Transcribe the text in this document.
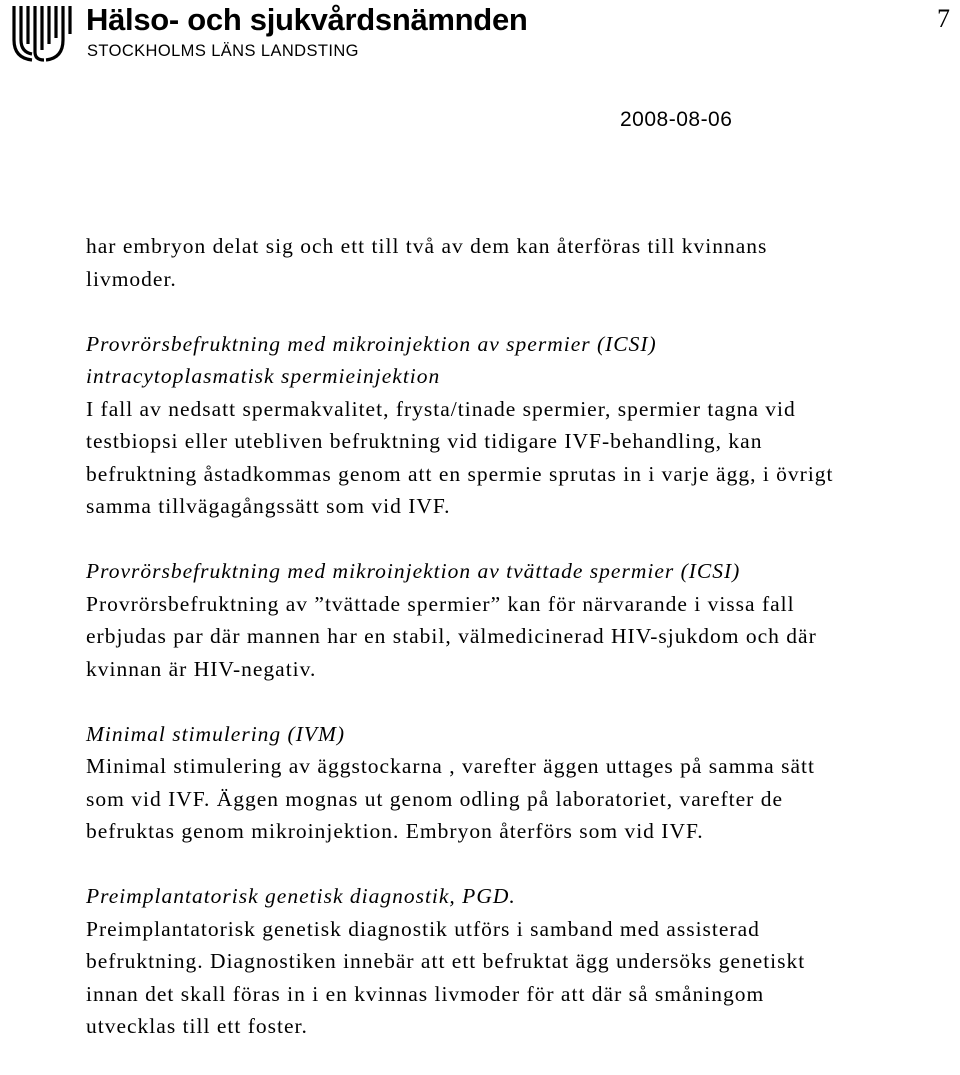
Hälso- och sjukvårdsnämnden
STOCKHOLMS LÄNS LANDSTING
7
2008-08-06

har embryon delat sig och ett till två av dem kan återföras till kvinnans
livmoder.

Provrörsbefruktning med mikroinjektion av spermier (ICSI)
intracytoplasmatisk spermieinjektion
I fall av nedsatt spermakvalitet, frysta/tinade spermier, spermier tagna vid
testbiopsi eller utebliven befruktning vid tidigare IVF-behandling, kan
befruktning åstadkommas genom att en spermie sprutas in i varje ägg, i övrigt
samma tillvägagångssätt som vid IVF.

Provrörsbefruktning med mikroinjektion av tvättade spermier (ICSI)
Provrörsbefruktning av ”tvättade spermier” kan för närvarande i vissa fall
erbjudas par där mannen har en stabil, välmedicinerad HIV-sjukdom och där
kvinnan är HIV-negativ.

Minimal stimulering (IVM)
Minimal stimulering av äggstockarna , varefter äggen uttages på samma sätt
som vid IVF. Äggen mognas ut genom odling på laboratoriet, varefter de
befruktas genom mikroinjektion. Embryon återförs som vid IVF.

Preimplantatorisk genetisk diagnostik, PGD.
Preimplantatorisk genetisk diagnostik utförs i samband med assisterad
befruktning. Diagnostiken innebär att ett befruktat ägg undersöks genetiskt
innan det skall föras in i en kvinnas livmoder för att där så småningom
utvecklas till ett foster.
